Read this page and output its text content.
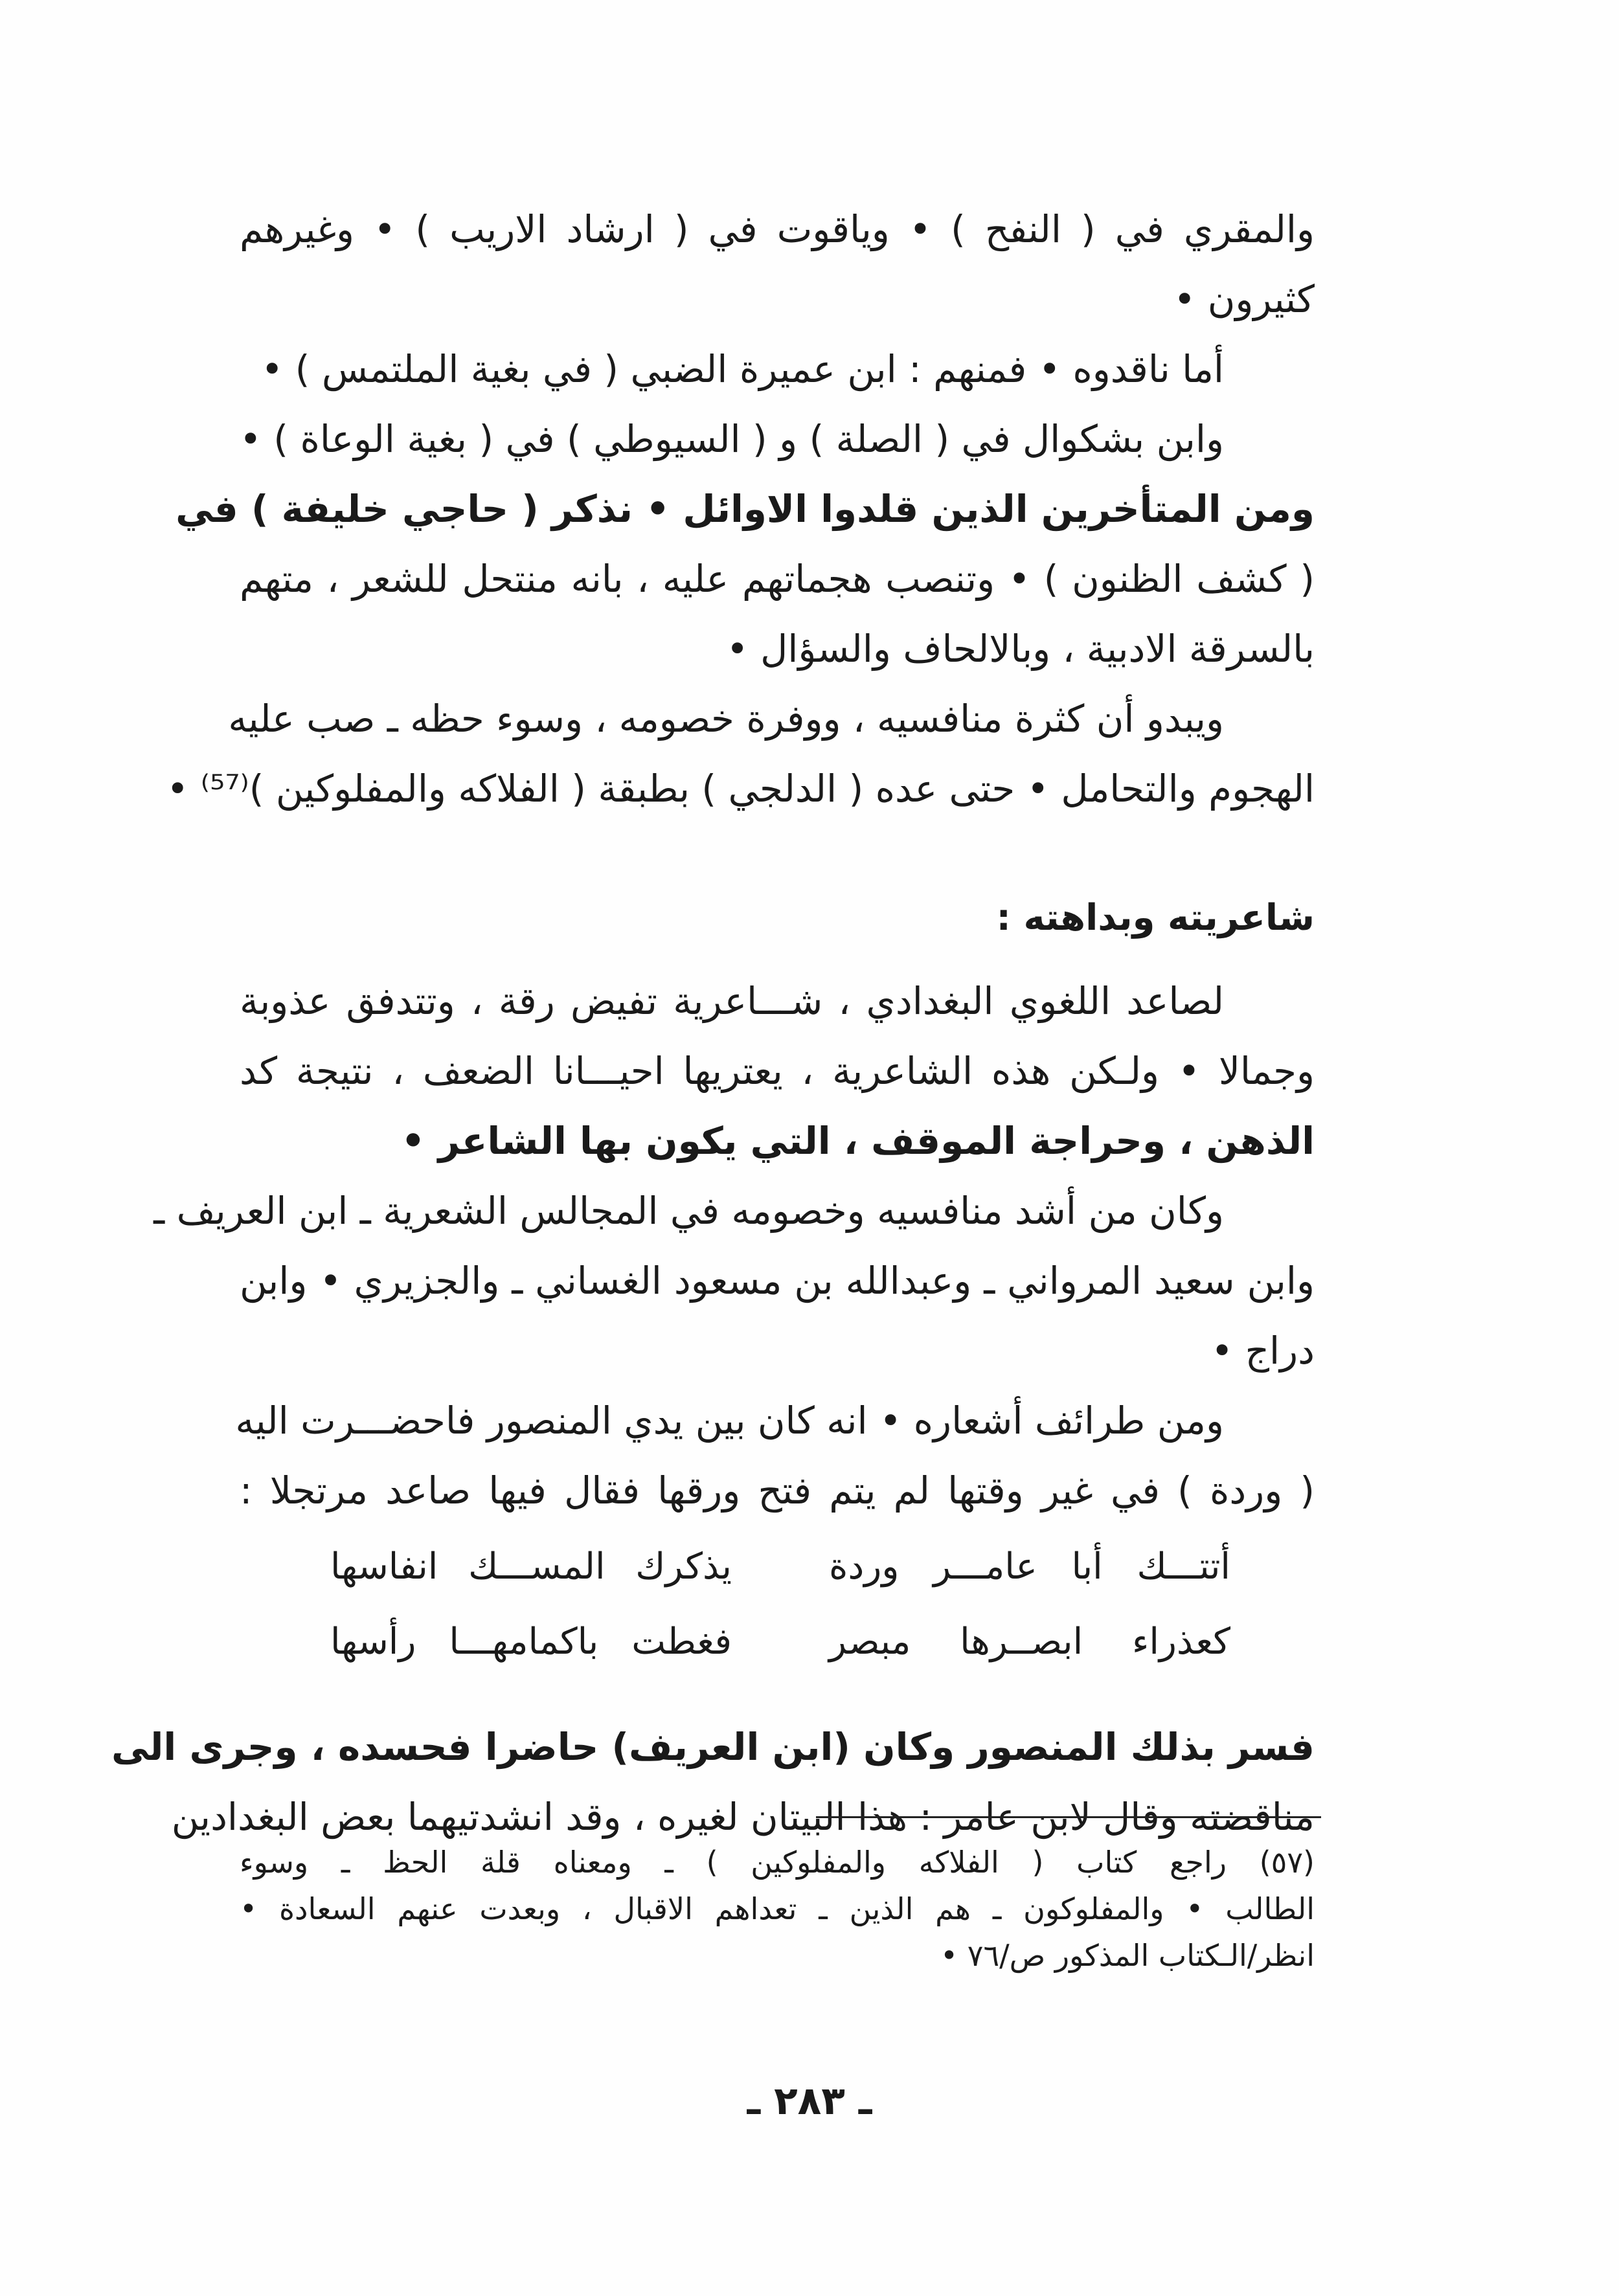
والمقري في ( النفح ) • وياقوت في ( ارشاد الاريب ) • وغيرهم
كثيرون •
أما ناقدوه • فمنهم : ابن عميرة الضبي ( في بغية الملتمس ) •
وابن بشكوال في ( الصلة ) و ( السيوطي ) في ( بغية الوعاة ) •
ومن المتأخرين الذين قلدوا الاوائل • نذكر ( حاجي خليفة ) في
( كشف الظنون ) • وتنصب هجماتهم عليه ، بانه منتحل للشعر ، متهم
بالسرقة الادبية ، وبالالحاف والسؤال •
ويبدو أن كثرة منافسيه ، ووفرة خصومه ، وسوء حظه ـ صب عليه
الهجوم والتحامل • حتى عده ( الدلجي ) بطبقة ( الفلاكه والمفلوكين )⁽⁵⁷⁾ •
شاعريته وبداهته :
لصاعد اللغوي البغدادي ، شـــاعرية تفيض رقة ، وتتدفق عذوبة
وجمالا • ولـكن هذه الشاعرية ، يعتريها احيـــانا الضعف ، نتيجة كد
الذهن ، وحراجة الموقف ، التي يكون بها الشاعر •
وكان من أشد منافسيه وخصومه في المجالس الشعرية ـ ابن العريف ـ
وابن سعيد المرواني ـ وعبدالله بن مسعود الغساني ـ والجزيري • وابن
دراج •
ومن طرائف أشعاره • انه كان بين يدي المنصور فاحضـــرت اليه
( وردة ) في غير وقتها لم يتم فتح ورقها فقال فيها صاعد مرتجلا :
أتتـــك أبا عامـــر وردة
يذكرك المســـك انفاسها
كعذراء ابصــرها مبصر
فغطت باكمامهـــا رأسها
فسر بذلك المنصور وكان (ابن العريف) حاضرا فحسده ، وجرى الى
مناقضته وقال لابن عامر : هذا البيتان لغيره ، وقد انشدتيهما بعض البغدادين
(٥٧) راجع كتاب ( الفلاكه والمفلوكين ) ـ ومعناه قلة الحظ ـ وسوء
الطالب • والمفلوكون ـ هم الذين ـ تعداهم الاقبال ، وبعدت عنهم السعادة •
انظر/الـكتاب المذكور ص/٧٦ •
ـ ٢٨٣ ـ
